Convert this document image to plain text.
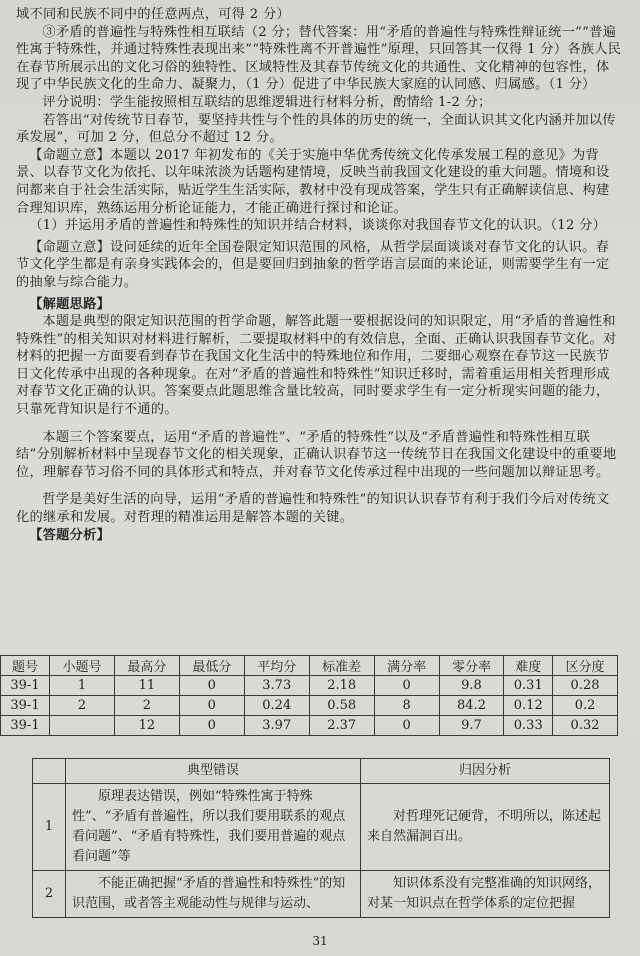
域不同和民族不同中的任意两点，可得 2 分）

③矛盾的普遍性与特殊性相互联结（2 分；替代答案：用“矛盾的普遍性与特殊性辩证统一”“普遍性寓于特殊性，并通过特殊性表现出来”“特殊性离不开普遍性”原理，只回答其一仅得 1 分）各族人民在春节所展示出的文化习俗的独特性、区域特性及其春节传统文化的共通性、文化精神的包容性，体现了中华民族文化的生命力、凝聚力，（1 分）促进了中华民族大家庭的认同感、归属感。（1 分）

评分说明：学生能按照相互联结的思维逻辑进行材料分析，酌情给 1-2 分；

若答出“对传统节日春节，要坚持共性与个性的具体的历史的统一，全面认识其文化内涵并加以传承发展”，可加 2 分，但总分不超过 12 分。

【命题立意】本题以 2017 年初发布的《关于实施中华优秀传统文化传承发展工程的意见》为背景、以春节文化为依托、以年味浓淡为话题构建情境，反映当前我国文化建设的重大问题。情境和设问都来自于社会生活实际，贴近学生生活实际，教材中没有现成答案，学生只有正确解读信息、构建合理知识库，熟练运用分析论证能力，才能正确进行探讨和论证。

（1）并运用矛盾的普遍性和特殊性的知识并结合材料，谈谈你对我国春节文化的认识。（12 分）

【命题立意】设问延续的近年全国卷限定知识范围的风格，从哲学层面谈谈对春节文化的认识。春节文化学生都是有亲身实践体会的，但是要回归到抽象的哲学语言层面的来论证，则需要学生有一定的抽象与综合能力。

【解题思路】

本题是典型的限定知识范围的哲学命题，解答此题一要根据设问的知识限定，用“矛盾的普遍性和特殊性”的相关知识对材料进行解析，二要提取材料中的有效信息，全面、正确认识我国春节文化。对材料的把握一方面要看到春节在我国文化生活中的特殊地位和作用，二要细心观察在春节这一民族节日文化传承中出现的各种现象。在对“矛盾的普遍性和特殊性”知识迁移时，需着重运用相关哲理形成对春节文化正确的认识。答案要点此题思维含量比较高，同时要求学生有一定分析现实问题的能力，只靠死背知识是行不通的。

本题三个答案要点，运用“矛盾的普遍性”、“矛盾的特殊性”以及“矛盾普遍性和特殊性相互联结”分别解析材料中呈现春节文化的相关现象，正确认识春节这一传统节日在我国文化建设中的重要地位，理解春节习俗不同的具体形式和特点，并对春节文化传承过程中出现的一些问题加以辩证思考。

哲学是美好生活的向导，运用“矛盾的普遍性和特殊性”的知识认识春节有利于我们今后对传统文化的继承和发展。对哲理的精准运用是解答本题的关键。

【答题分析】

题号	小题号	最高分	最低分	平均分	标准差	满分率	零分率	难度	区分度
39-1	1	11	0	3.73	2.18	0	9.8	0.31	0.28
39-1	2	2	0	0.24	0.58	8	84.2	0.12	0.2
39-1		12	0	3.97	2.37	0	9.7	0.33	0.32
	典型错误	归因分析
1	原理表达错误，例如“特殊性寓于特殊性”、“矛盾有普遍性，所以我们要用联系的观点看问题”、“矛盾有特殊性，我们要用普遍的观点看问题”等	对哲理死记硬背，不明所以，陈述起来自然漏洞百出。
2	不能正确把握“矛盾的普遍性和特殊性”的知识范围，或者答主观能动性与规律与运动、	知识体系没有完整准确的知识网络，对某一知识点在哲学体系的定位把握
31
